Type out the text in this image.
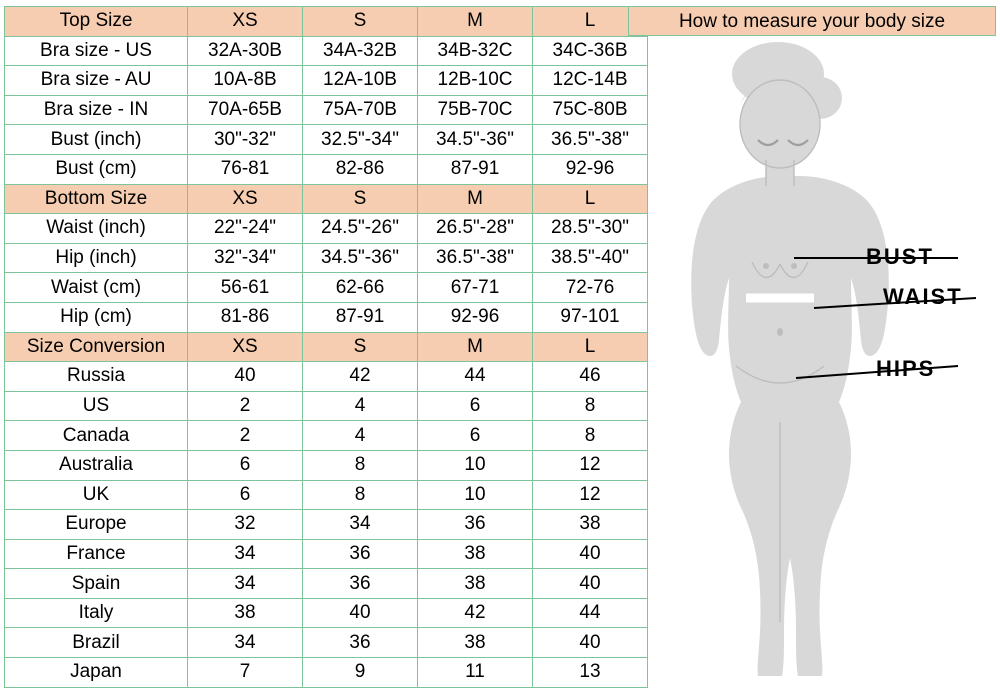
Top Size	XS	S	M	L
Bra size - US	32A-30B	34A-32B	34B-32C	34C-36B
Bra size - AU	10A-8B	12A-10B	12B-10C	12C-14B
Bra size - IN	70A-65B	75A-70B	75B-70C	75C-80B
Bust (inch)	30"-32"	32.5"-34"	34.5"-36"	36.5"-38"
Bust (cm)	76-81	82-86	87-91	92-96
Bottom Size	XS	S	M	L
Waist (inch)	22"-24"	24.5"-26"	26.5"-28"	28.5"-30"
Hip (inch)	32"-34"	34.5"-36"	36.5"-38"	38.5"-40"
Waist (cm)	56-61	62-66	67-71	72-76
Hip (cm)	81-86	87-91	92-96	97-101
Size Conversion	XS	S	M	L
Russia	40	42	44	46
US	2	4	6	8
Canada	2	4	6	8
Australia	6	8	10	12
UK	6	8	10	12
Europe	32	34	36	38
France	34	36	38	40
Spain	34	36	38	40
Italy	38	40	42	44
Brazil	34	36	38	40
Japan	7	9	11	13
How to measure your body size
BUST
WAIST
HIPS
